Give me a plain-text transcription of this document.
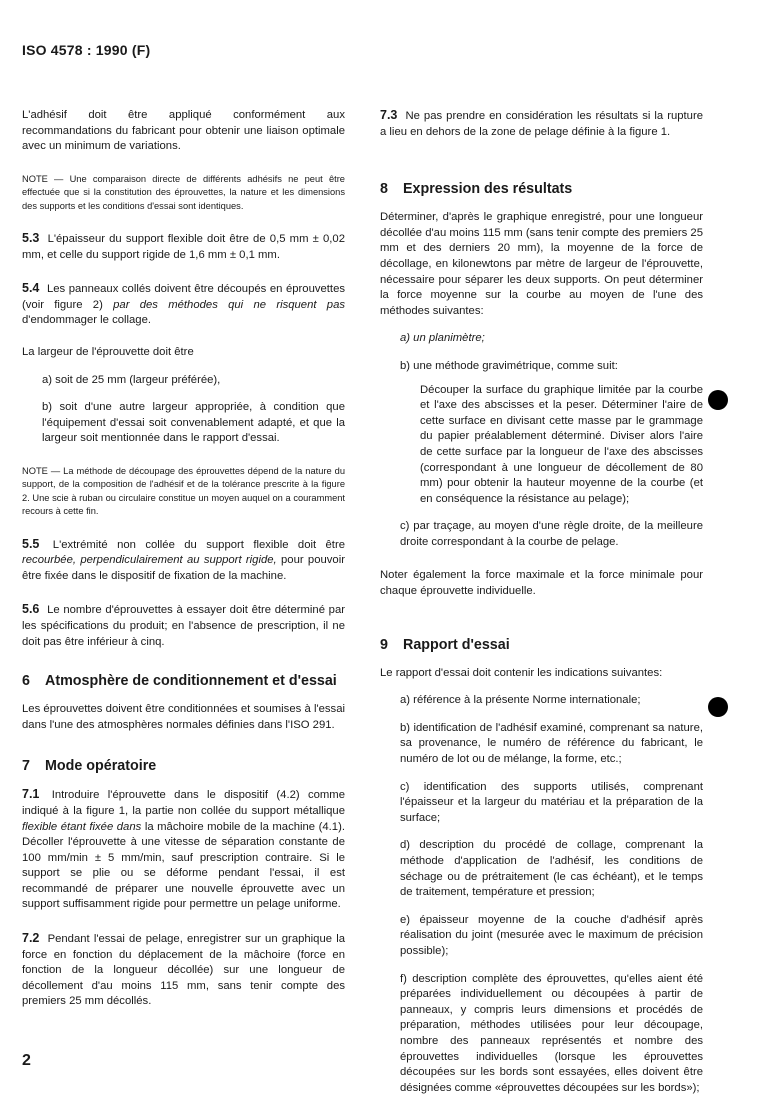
ISO 4578 : 1990 (F)

L'adhésif doit être appliqué conformément aux recommandations du fabricant pour obtenir une liaison optimale avec un minimum de variations.

NOTE — Une comparaison directe de différents adhésifs ne peut être effectuée que si la constitution des éprouvettes, la nature et les dimensions des supports et les conditions d'essai sont identiques.

5.3 L'épaisseur du support flexible doit être de 0,5 mm ± 0,02 mm, et celle du support rigide de 1,6 mm ± 0,1 mm.

5.4 Les panneaux collés doivent être découpés en éprouvettes (voir figure 2) par des méthodes qui ne risquent pas d'endommager le collage.

La largeur de l'éprouvette doit être

a) soit de 25 mm (largeur préférée),

b) soit d'une autre largeur appropriée, à condition que l'équipement d'essai soit convenablement adapté, et que la largeur soit mentionnée dans le rapport d'essai.

NOTE — La méthode de découpage des éprouvettes dépend de la nature du support, de la composition de l'adhésif et de la tolérance prescrite à la figure 2. Une scie à ruban ou circulaire constitue un moyen auquel on a couramment recours à cette fin.

5.5 L'extrémité non collée du support flexible doit être recourbée, perpendiculairement au support rigide, pour pouvoir être fixée dans le dispositif de fixation de la machine.

5.6 Le nombre d'éprouvettes à essayer doit être déterminé par les spécifications du produit; en l'absence de prescription, il ne doit pas être inférieur à cinq.

6	Atmosphère de conditionnement et d'essai

Les éprouvettes doivent être conditionnées et soumises à l'essai dans l'une des atmosphères normales définies dans l'ISO 291.

7	Mode opératoire

7.1 Introduire l'éprouvette dans le dispositif (4.2) comme indiqué à la figure 1, la partie non collée du support métallique flexible étant fixée dans la mâchoire mobile de la machine (4.1). Décoller l'éprouvette à une vitesse de séparation constante de 100 mm/min ± 5 mm/min, sauf prescription contraire. Si le support se plie ou se déforme pendant l'essai, il est recommandé de préparer une nouvelle éprouvette avec un support suffisamment rigide pour permettre un pelage uniforme.

7.2 Pendant l'essai de pelage, enregistrer sur un graphique la force en fonction du déplacement de la mâchoire (force en fonction de la longueur décollée) sur une longueur de décollement d'au moins 115 mm, sans tenir compte des premiers 25 mm décollés.

7.3 Ne pas prendre en considération les résultats si la rupture a lieu en dehors de la zone de pelage définie à la figure 1.

8	Expression des résultats

Déterminer, d'après le graphique enregistré, pour une longueur décollée d'au moins 115 mm (sans tenir compte des premiers 25 mm et des derniers 20 mm), la moyenne de la force de décollage, en kilonewtons par mètre de largeur de l'éprouvette, nécessaire pour séparer les deux supports. On peut déterminer la force moyenne sur la courbe au moyen de l'une des méthodes suivantes:

a) un planimètre;

b) une méthode gravimétrique, comme suit:

Découper la surface du graphique limitée par la courbe et l'axe des abscisses et la peser. Déterminer l'aire de cette surface en divisant cette masse par le grammage du papier préalablement déterminé. Diviser alors l'aire de cette surface par la longueur de l'axe des abscisses (correspondant à une longueur de décollement de 80 mm) pour obtenir la hauteur moyenne de la courbe (et en conséquence la résistance au pelage);

c) par traçage, au moyen d'une règle droite, de la meilleure droite correspondant à la courbe de pelage.

Noter également la force maximale et la force minimale pour chaque éprouvette individuelle.

9	Rapport d'essai

Le rapport d'essai doit contenir les indications suivantes:

a) référence à la présente Norme internationale;

b) identification de l'adhésif examiné, comprenant sa nature, sa provenance, le numéro de référence du fabricant, le numéro de lot ou de mélange, la forme, etc.;

c) identification des supports utilisés, comprenant l'épaisseur et la largeur du matériau et la préparation de la surface;

d) description du procédé de collage, comprenant la méthode d'application de l'adhésif, les conditions de séchage ou de prétraitement (le cas échéant), et le temps de traitement, température et pression;

e) épaisseur moyenne de la couche d'adhésif après réalisation du joint (mesurée avec le maximum de précision possible);

f) description complète des éprouvettes, qu'elles aient été préparées individuellement ou découpées à partir de panneaux, y compris leurs dimensions et procédés de préparation, méthodes utilisées pour leur découpage, nombre des panneaux représentés et nombre des éprouvettes individuelles (lorsque les éprouvettes découpées sur les bords sont essayées, elles doivent être désignées comme «éprouvettes découpées sur les bords»);

2
